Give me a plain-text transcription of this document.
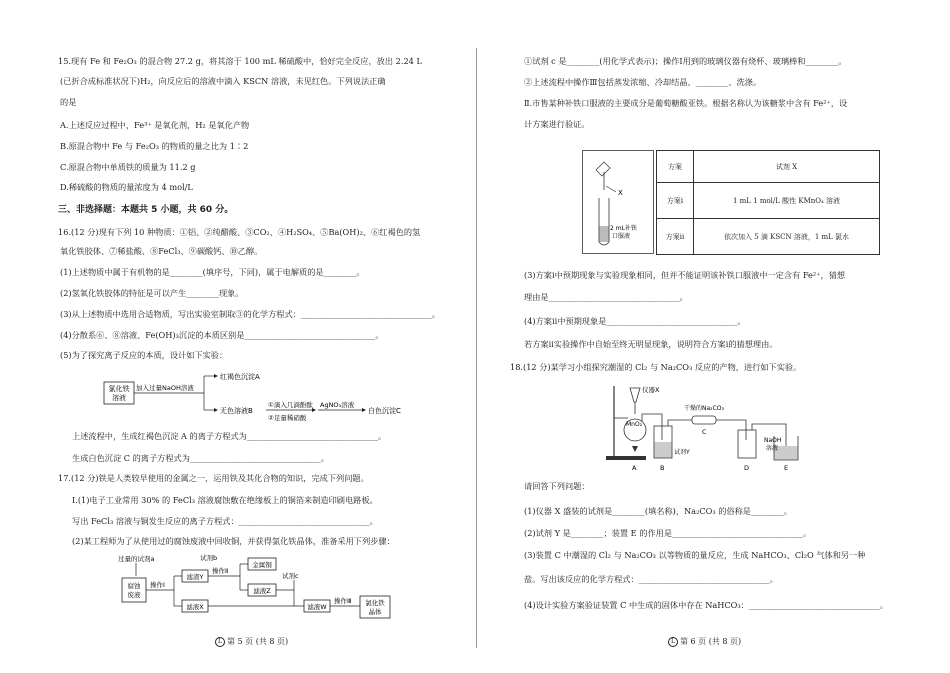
15.现有 Fe 和 Fe₂O₃ 的混合物 27.2 g，将其溶于 100 mL 稀硫酸中，恰好完全反应，放出 2.24 L
(已折合成标准状况下)H₂，向反应后的溶液中滴入 KSCN 溶液，未见红色。下列说法正确
的是
A.上述反应过程中，Fe³⁺ 是氧化剂，H₂ 是氧化产物
B.原混合物中 Fe 与 Fe₂O₃ 的物质的量之比为 1∶2
C.原混合物中单质铁的质量为 11.2 g
D.稀硫酸的物质的量浓度为 4 mol/L
三、非选择题：本题共 5 小题，共 60 分。
16.(12 分)现有下列 10 种物质：①铝、②纯醋酸、③CO₂、④H₂SO₄、⑤Ba(OH)₂、⑥红褐色的氢
氧化铁胶体、⑦稀盐酸、⑧FeCl₃、⑨碳酸钙、⑩乙醇。
(1)上述物质中属于有机物的是________(填序号，下同)，属于电解质的是________。
(2)氢氧化铁胶体的特征是可以产生________现象。
(3)从上述物质中选用合适物质，写出实验室制取③的化学方程式：________________________________。
(4)分散系⑥、⑧溶液、Fe(OH)₃沉淀的本质区别是________________________________。
(5)为了探究离子反应的本质，设计如下实验：
氯化铁
溶液
加入过量NaOH溶液
红褐色沉淀A
无色溶液B
①滴入几滴酚酞
②足量稀硝酸
AgNO₃溶液
白色沉淀C
上述流程中，生成红褐色沉淀 A 的离子方程式为________________________________。
生成白色沉淀 C 的离子方程式为________________________________。
17.(12 分)铁是人类较早使用的金属之一，运用铁及其化合物的知识，完成下列问题。
Ⅰ.(1)电子工业常用 30% 的 FeCl₃ 溶液腐蚀敷在绝缘板上的铜箔来制造印刷电路板。
写出 FeCl₃ 溶液与铜发生反应的离子方程式：________________________________。
(2)某工程师为了从使用过的腐蚀废液中回收铜，并获得氯化铁晶体，准备采用下列步骤：
过量的试剂a
腐蚀
废液
操作Ⅰ
滤渣Y
滤液X
试剂b
操作Ⅱ
金属铜
滤液Z
试剂c
滤液W
操作Ⅲ 氯化铁
晶体
L 第 5 页 (共 8 页)
①试剂 c 是________(用化学式表示)；操作Ⅰ用到的玻璃仪器有烧杯、玻璃棒和________。
②上述流程中操作Ⅲ包括蒸发浓缩、冷却结晶、________、洗涤。
Ⅱ.市售某种补铁口服液的主要成分是葡萄糖酸亚铁。根据名称认为该糖浆中含有 Fe²⁺，设
计方案进行验证。
X
2 mL补铁
口服液
方案	试剂 X
方案ⅰ	1 mL 1 mol/L 酸性 KMnO₄ 溶液
方案ⅱ	依次加入 5 滴 KSCN 溶液，1 mL 氯水
(3)方案ⅰ中预期现象与实验现象相同，但并不能证明该补铁口服液中一定含有 Fe²⁺，猜想
理由是________________________________。
(4)方案ⅱ中预期现象是________________________________。
若方案ⅱ实验操作中自始至终无明显现象，说明符合方案ⅰ的猜想理由。
18.(12 分)某学习小组探究潮湿的 Cl₂ 与 Na₂CO₃ 反应的产物，进行如下实验。
仪器X
MnO₂
A
试剂Y
B
干燥的Na₂CO₃
C
D
NaOH
溶液
E
请回答下列问题：
(1)仪器 X 盛装的试剂是________(填名称)，Na₂CO₃ 的俗称是________。
(2)试剂 Y 是________；装置 E 的作用是________________________________。
(3)装置 C 中潮湿的 Cl₂ 与 Na₂CO₃ 以等物质的量反应，生成 NaHCO₃、Cl₂O 气体和另一种
盐。写出该反应的化学方程式：________________________________。
(4)设计实验方案验证装置 C 中生成的固体中存在 NaHCO₃：________________________________。
L 第 6 页 (共 8 页)
